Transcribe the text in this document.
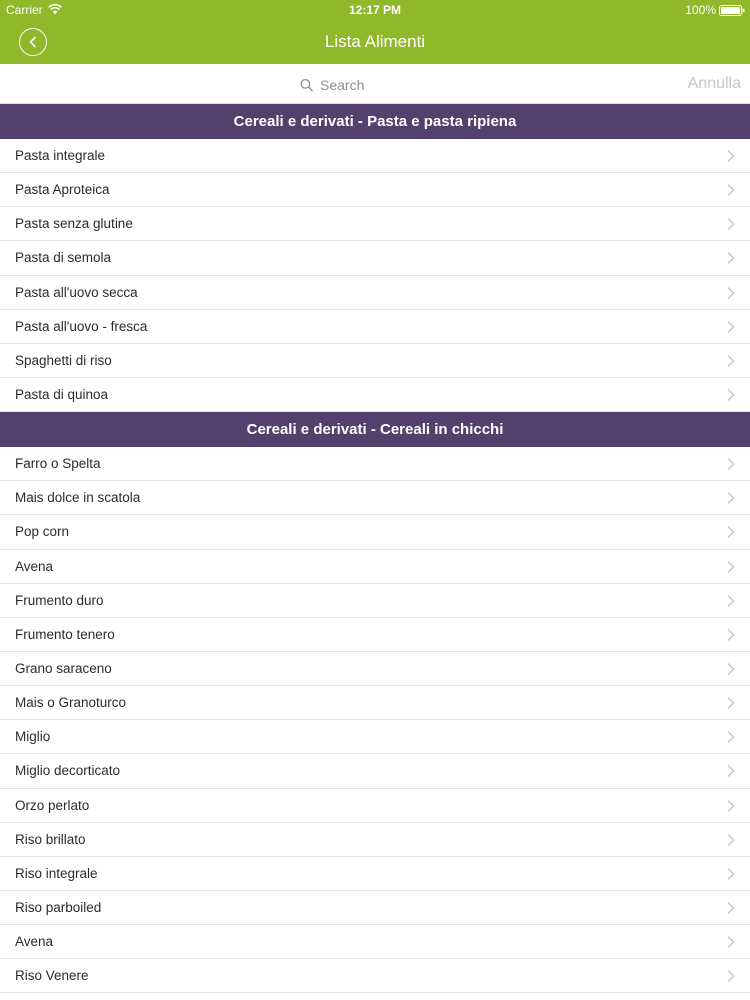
Carrier	12:17 PM	100%
Lista Alimenti
Search
Annulla
Cereali e derivati - Pasta e pasta ripiena
Pasta integrale
Pasta Aproteica
Pasta senza glutine
Pasta di semola
Pasta all'uovo secca
Pasta all'uovo - fresca
Spaghetti di riso
Pasta di quinoa
Cereali e derivati - Cereali in chicchi
Farro o Spelta
Mais dolce in scatola
Pop corn
Avena
Frumento duro
Frumento tenero
Grano saraceno
Mais o Granoturco
Miglio
Miglio decorticato
Orzo perlato
Riso brillato
Riso integrale
Riso parboiled
Avena
Riso Venere
